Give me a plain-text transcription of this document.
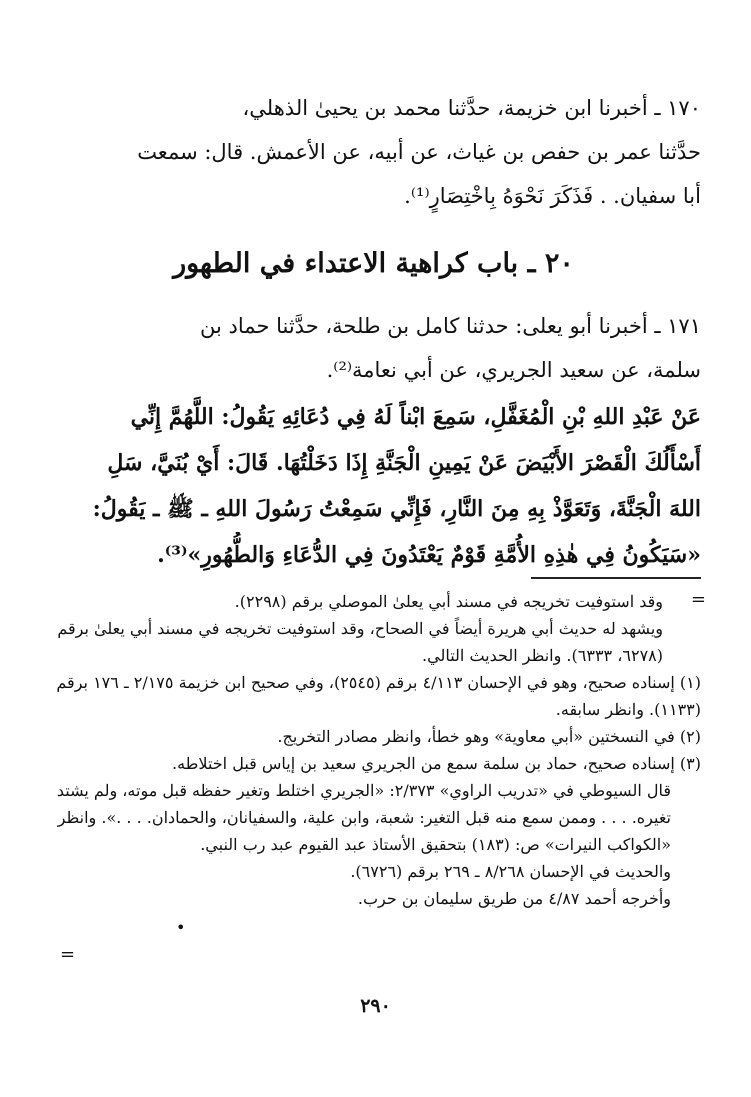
١٧٠ ـ أخبرنا ابن خزيمة، حدَّثنا محمد بن يحيىٰ الذهلي،
حدَّثنا عمر بن حفص بن غياث، عن أبيه، عن الأعمش. قال: سمعت
أبا سفيان. . فَذَكَرَ نَحْوَهُ بِاخْتِصَارٍ⁽¹⁾.
٢٠ ـ باب كراهية الاعتداء في الطهور
١٧١ ـ أخبرنا أبو يعلى: حدثنا كامل بن طلحة، حدَّثنا حماد بن
سلمة، عن سعيد الجريري، عن أبي نعامة⁽²⁾.
عَنْ عَبْدِ اللهِ بْنِ الْمُغَفَّلِ، سَمِعَ ابْناً لَهُ فِي دُعَائِهِ يَقُولُ: اللَّهُمَّ إِنِّي
أَسْأَلُكَ الْقَصْرَ الأَبْيَضَ عَنْ يَمِينِ الْجَنَّةِ إِذَا دَخَلْتُهَا. قَالَ: أَيْ بُنَيَّ، سَلِ
اللهَ الْجَنَّةَ، وَتَعَوَّذْ بِهِ مِنَ النَّارِ، فَإِنِّي سَمِعْتُ رَسُولَ اللهِ ـ ﷺ ـ يَقُولُ:
«سَيَكُونُ فِي هٰذِهِ الأُمَّةِ قَوْمٌ يَعْتَدُونَ فِي الدُّعَاءِ وَالطُّهُورِ»⁽³⁾.
=

وقد استوفيت تخريجه في مسند أبي يعلىٰ الموصلي برقم (٢٢٩٨).

ويشهد له حديث أبي هريرة أيضاً في الصحاح، وقد استوفيت تخريجه في مسند أبي يعلىٰ برقم (٦٢٧٨، ٦٣٣٣). وانظر الحديث التالي.

(١) إسناده صحيح، وهو في الإحسان ٤/١١٣ برقم (٢٥٤٥)، وفي صحيح ابن خزيمة ٢/١٧٥ ـ ١٧٦ برقم (١١٣٣). وانظر سابقه.

(٢) في النسختين «أبي معاوية» وهو خطأ، وانظر مصادر التخريج.

(٣) إسناده صحيح، حماد بن سلمة سمع من الجريري سعيد بن إياس قبل اختلاطه.

قال السيوطي في «تدريب الراوي» ٢/٣٧٣: «الجريري اختلط وتغير حفظه قبل موته، ولم يشتد تغيره. . . . وممن سمع منه قبل التغير: شعبة، وابن علية، والسفيانان، والحمادان. . . .». وانظر «الكواكب النيرات» ص: (١٨٣) بتحقيق الأستاذ عبد القيوم عبد رب النبي.

والحديث في الإحسان ٨/٢٦٨ ـ ٢٦٩ برقم (٦٧٢٦).

وأخرجه أحمد ٤/٨٧ من طريق سليمان بن حرب.

•
=
٢٩٠
